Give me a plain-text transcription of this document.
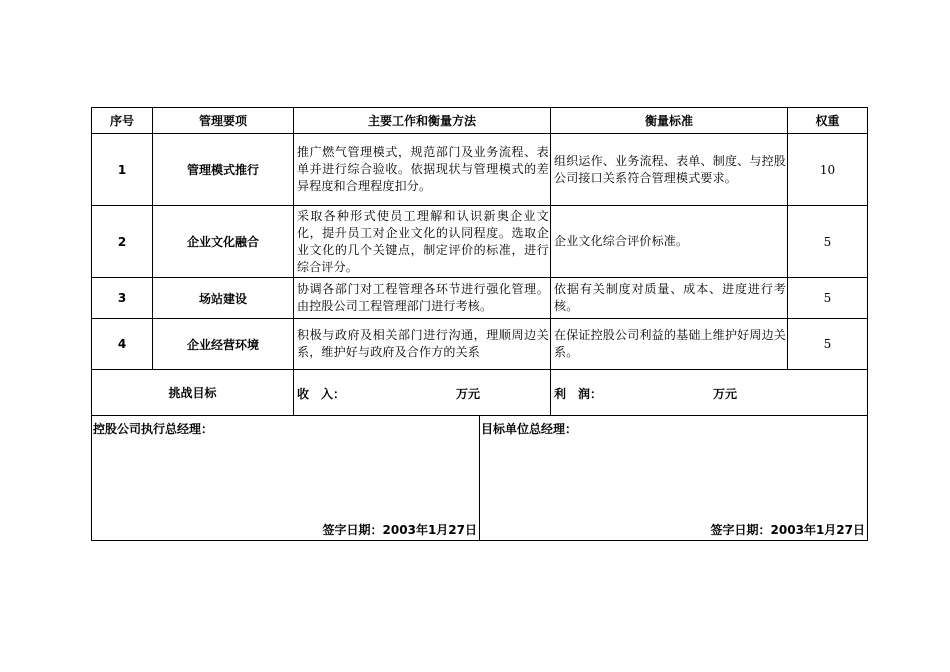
序号	管理要项	主要工作和衡量方法	衡量标准	权重
1	管理模式推行	推广燃气管理模式，规范部门及业务流程、表单并进行综合验收。依据现状与管理模式的差异程度和合理程度扣分。	组织运作、业务流程、表单、制度、与控股公司接口关系符合管理模式要求。	10
2	企业文化融合	采取各种形式使员工理解和认识新奥企业文化，提升员工对企业文化的认同程度。选取企业文化的几个关键点，制定评价的标准，进行综合评分。	企业文化综合评价标准。	5
3	场站建设	协调各部门对工程管理各环节进行强化管理。由控股公司工程管理部门进行考核。	依据有关制度对质量、成本、进度进行考核。	5
4	企业经营环境	积极与政府及相关部门进行沟通，理顺周边关系，维护好与政府及合作方的关系	在保证控股公司利益的基础上维护好周边关系。	5
挑战目标		收　入： 万元	利　润： 万元	
控股公司执行总经理：
签字日期：2003年1月27日

目标单位总经理：
签字日期：2003年1月27日
